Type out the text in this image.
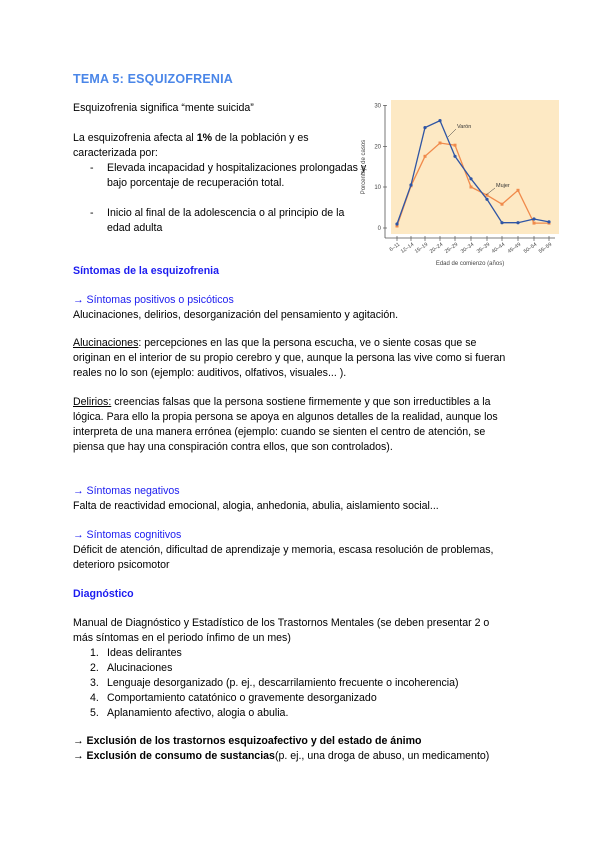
TEMA 5: ESQUIZOFRENIA
Esquizofrenia significa “mente suicida”
La esquizofrenia afecta al 1% de la población y es
caracterizada por:
- Elevada incapacidad y hospitalizaciones prolongadas y bajo porcentaje de recuperación total.
- Inicio al final de la adolescencia o al principio de la edad adulta
30
20
10
0
Porcentaje de casos
6–11
12–14
15–19 20–24 25–29 30–34 35–39 40–44 45–49 50–54 55–59
Edad de comienzo (años)
Varón
Mujer
Síntomas de la esquizofrenia
→ Síntomas positivos o psicóticos
Alucinaciones, delirios, desorganización del pensamiento y agitación.
Alucinaciones: percepciones en las que la persona escucha, ve o siente cosas que se
originan en el interior de su propio cerebro y que, aunque la persona las vive como si fueran
reales no lo son (ejemplo: auditivos, olfativos, visuales... ).
Delirios: creencias falsas que la persona sostiene firmemente y que son irreductibles a la
lógica. Para ello la propia persona se apoya en algunos detalles de la realidad, aunque los
interpreta de una manera errónea (ejemplo: cuando se sienten el centro de atención, se
piensa que hay una conspiración contra ellos, que son controlados).
→ Síntomas negativos
Falta de reactividad emocional, alogia, anhedonia, abulia, aislamiento social...
→ Síntomas cognitivos
Déficit de atención, dificultad de aprendizaje y memoria, escasa resolución de problemas,
deterioro psicomotor
Diagnóstico
Manual de Diagnóstico y Estadístico de los Trastornos Mentales (se deben presentar 2 o
más síntomas en el periodo ínfimo de un mes)
1. Ideas delirantes
2. Alucinaciones
3. Lenguaje desorganizado (p. ej., descarrilamiento frecuente o incoherencia)
4. Comportamiento catatónico o gravemente desorganizado
5. Aplanamiento afectivo, alogia o abulia.
→ Exclusión de los trastornos esquizoafectivo y del estado de ánimo
→ Exclusión de consumo de sustancias(p. ej., una droga de abuso, un medicamento)
